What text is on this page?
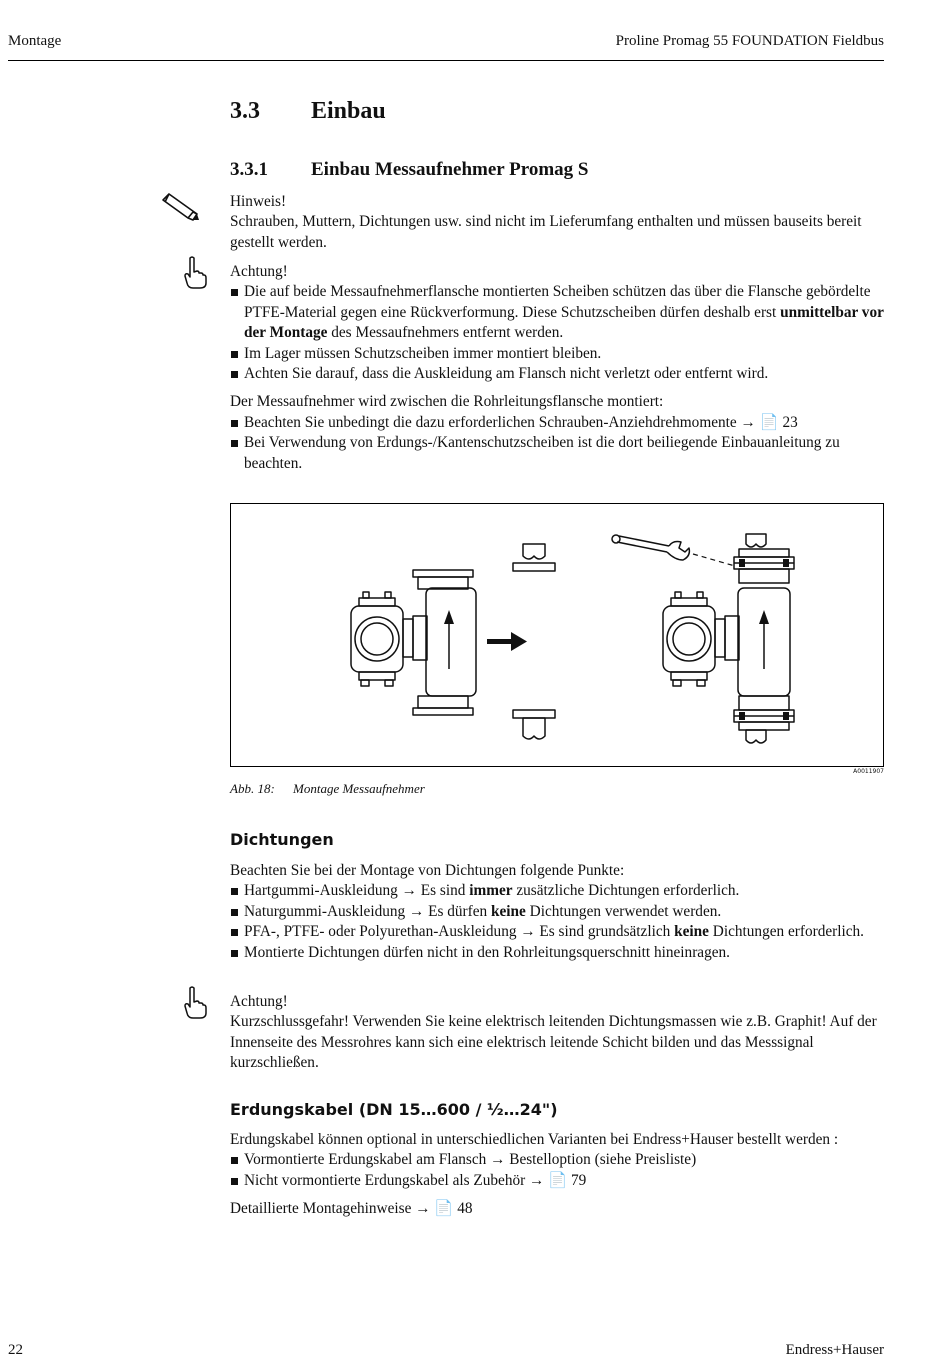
Montage	Proline Promag 55 FOUNDATION Fieldbus
3.3 Einbau
3.3.1 Einbau Messaufnehmer Promag S

Hinweis!

Schrauben, Muttern, Dichtungen usw. sind nicht im Lieferumfang enthalten und müssen bauseits bereit gestellt werden.

Achtung!

Die auf beide Messaufnehmerflansche montierten Scheiben schützen das über die Flansche gebördelte PTFE-Material gegen eine Rückverformung. Diese Schutzscheiben dürfen deshalb erst unmittelbar vor der Montage des Messaufnehmers entfernt werden.
Im Lager müssen Schutzscheiben immer montiert bleiben.
Achten Sie darauf, dass die Auskleidung am Flansch nicht verletzt oder entfernt wird.

Der Messaufnehmer wird zwischen die Rohrleitungsflansche montiert:

Beachten Sie unbedingt die dazu erforderlichen Schrauben-Anziehdrehmomente → 📄 23
Bei Verwendung von Erdungs-/Kantenschutzscheiben ist die dort beiliegende Einbauanleitung zu beachten.
A0011907
Abb. 18: Montage Messaufnehmer
Dichtungen

Beachten Sie bei der Montage von Dichtungen folgende Punkte:

Hartgummi-Auskleidung → Es sind immer zusätzliche Dichtungen erforderlich.
Naturgummi-Auskleidung → Es dürfen keine Dichtungen verwendet werden.
PFA-, PTFE- oder Polyurethan-Auskleidung → Es sind grundsätzlich keine Dichtungen erforderlich.
Montierte Dichtungen dürfen nicht in den Rohrleitungsquerschnitt hineinragen.

Achtung!

Kurzschlussgefahr! Verwenden Sie keine elektrisch leitenden Dichtungsmassen wie z.B. Graphit! Auf der Innenseite des Messrohres kann sich eine elektrisch leitende Schicht bilden und das Messsignal kurzschließen.

Erdungskabel (DN 15…600 / ½…24")

Erdungskabel können optional in unterschiedlichen Varianten bei Endress+Hauser bestellt werden :

Vormontierte Erdungskabel am Flansch → Bestelloption (siehe Preisliste)
Nicht vormontierte Erdungskabel als Zubehör → 📄 79

Detaillierte Montagehinweise → 📄 48

22	Endress+Hauser
